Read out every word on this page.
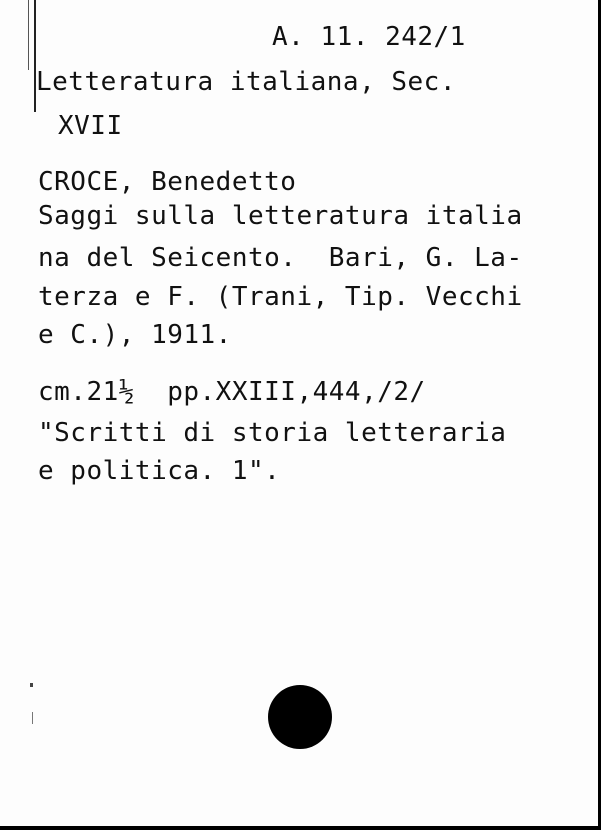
A. 11. 242/1
Letteratura italiana, Sec.
XVII
CROCE, Benedetto
Saggi sulla letteratura italia
na del Seicento.  Bari, G. La-
terza e F. (Trani, Tip. Vecchi
e C.), 1911.
cm.21½  pp.XXIII,444,/2/
"Scritti di storia letteraria
e politica. 1".
